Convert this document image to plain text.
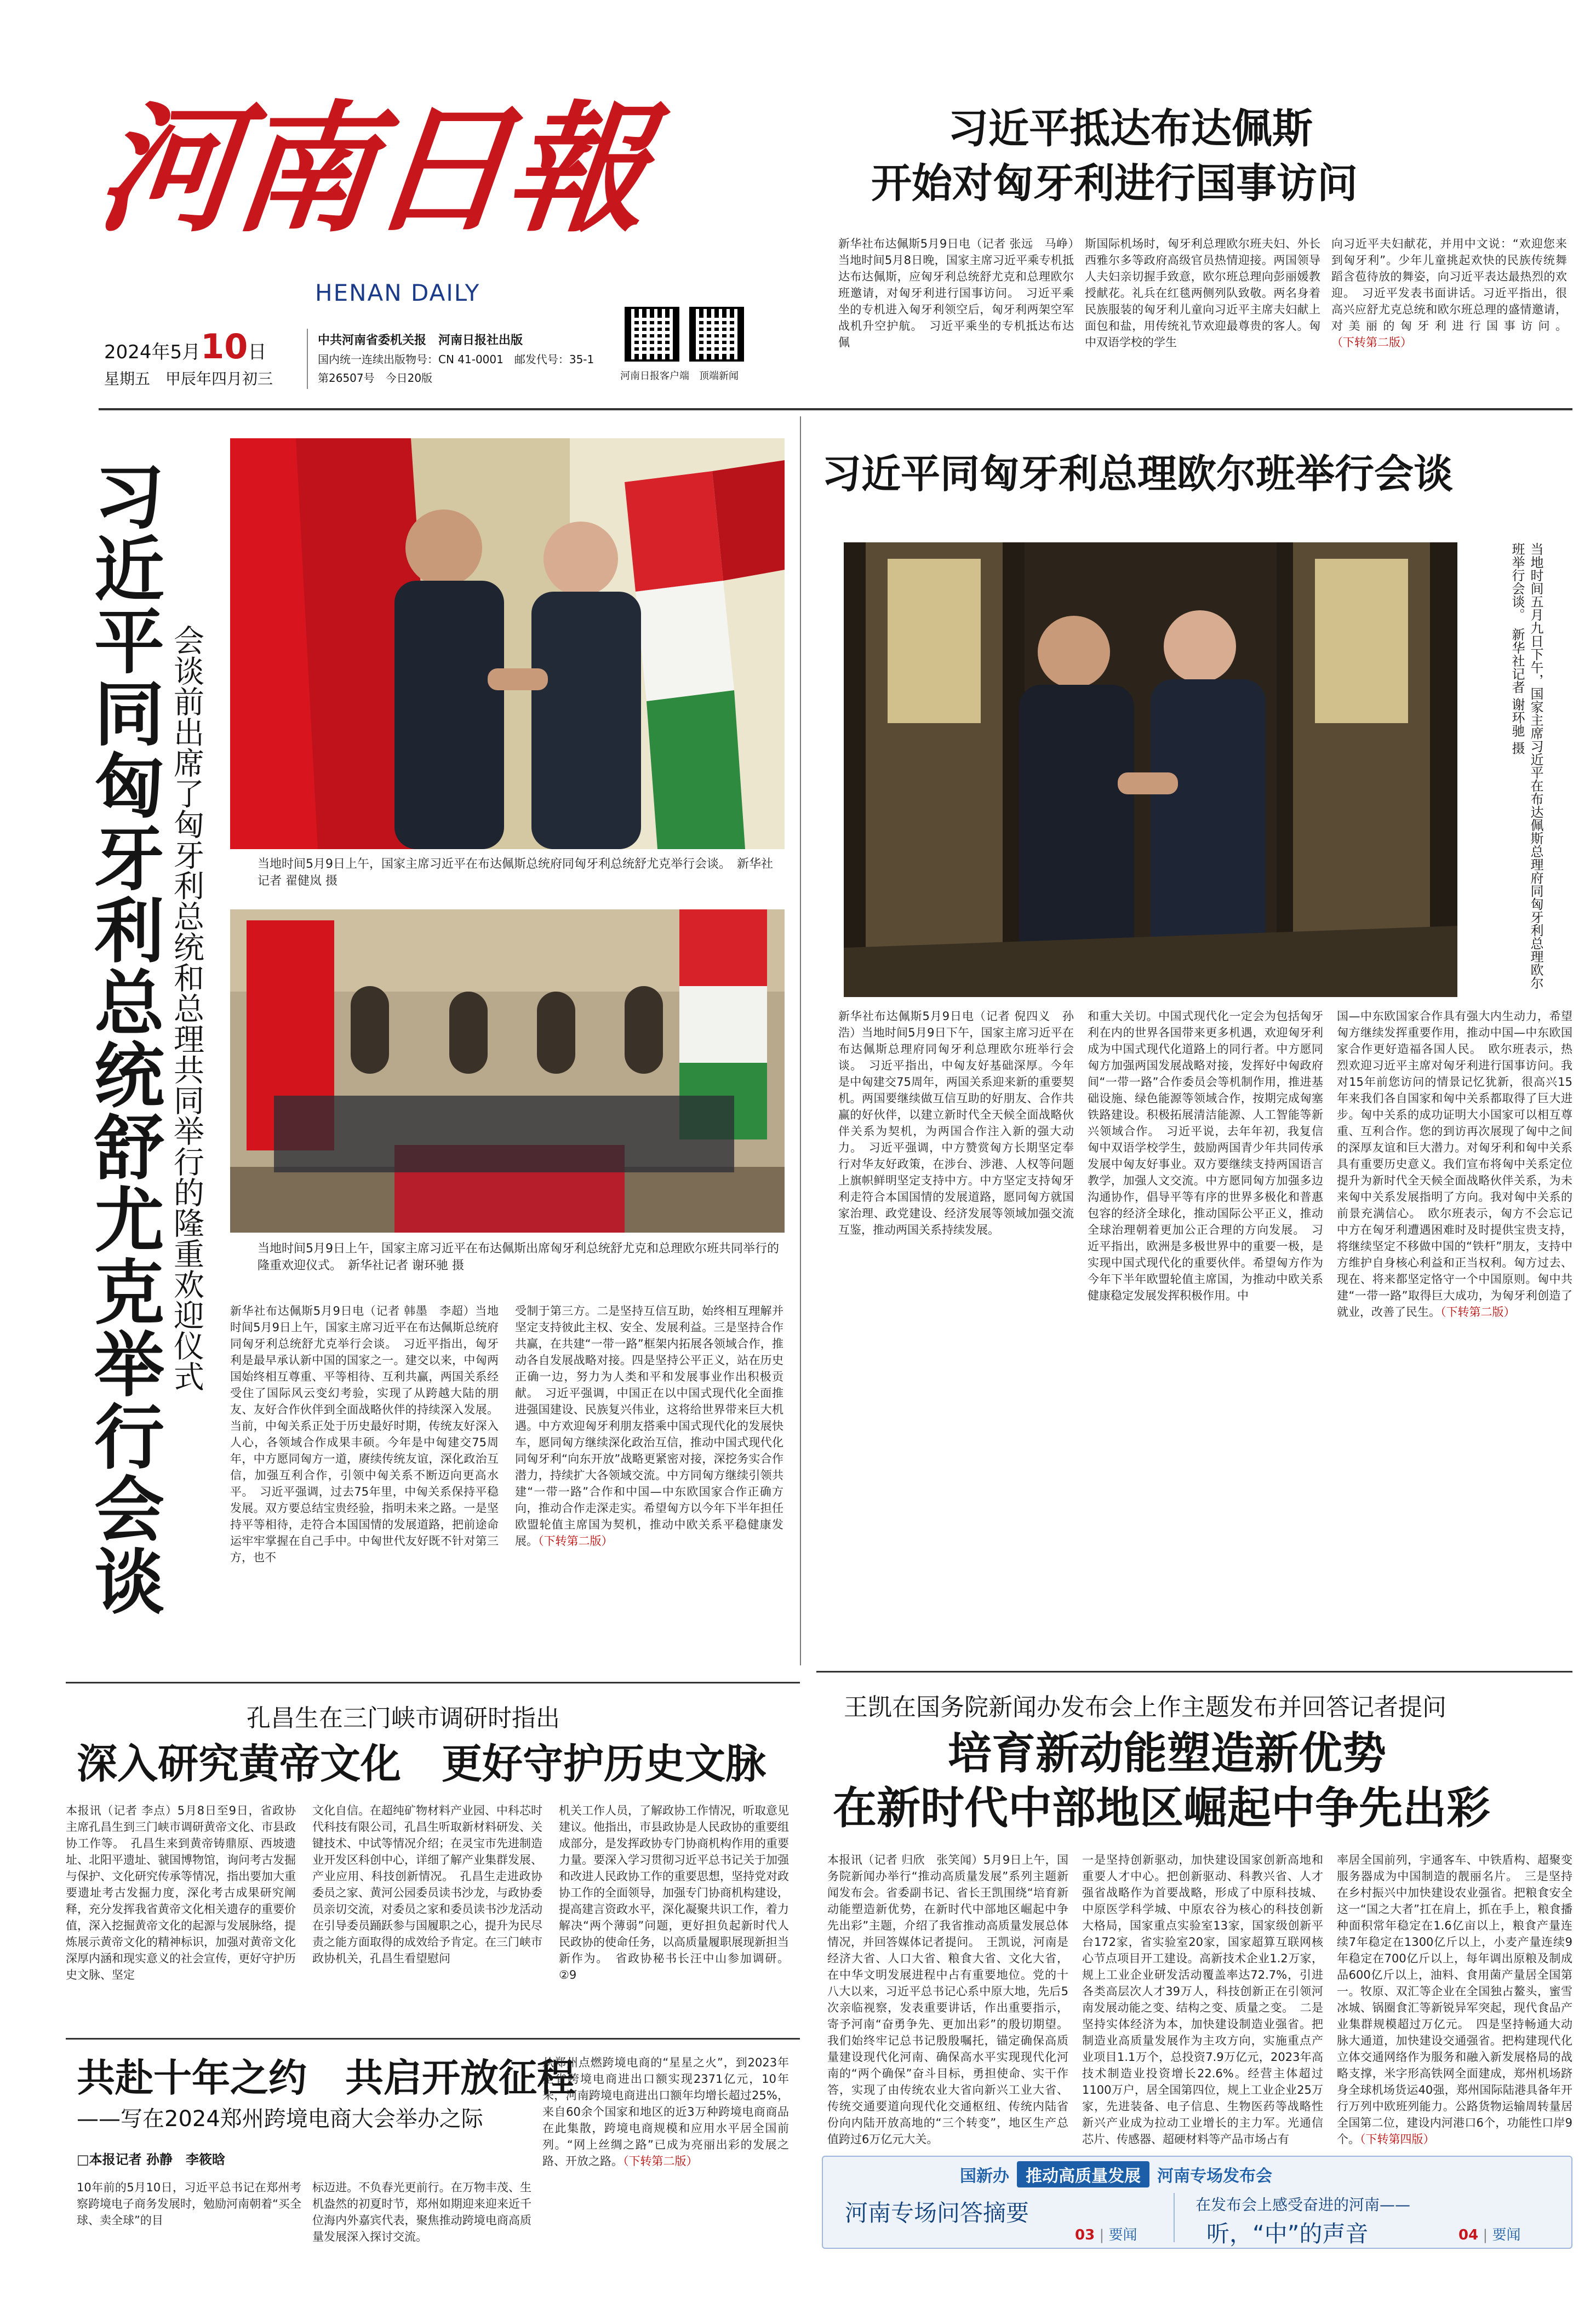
河南日報
HENAN DAILY
2024年5月10日
星期五　甲辰年四月初三
中共河南省委机关报　河南日报社出版
国内统一连续出版物号：CN 41-0001　邮发代号：35-1
第26507号　今日20版	河南日报客户端　顶端新闻
习近平抵达布达佩斯
开始对匈牙利进行国事访问
新华社布达佩斯5月9日电（记者 张远　马峥）当地时间5月8日晚，国家主席习近平乘专机抵达布达佩斯，应匈牙利总统舒尤克和总理欧尔班邀请，对匈牙利进行国事访问。　习近平乘坐的专机进入匈牙利领空后，匈牙利两架空军战机升空护航。　习近平乘坐的专机抵达布达佩
斯国际机场时，匈牙利总理欧尔班夫妇、外长西雅尔多等政府高级官员热情迎接。两国领导人夫妇亲切握手致意，欧尔班总理向彭丽媛教授献花。礼兵在红毯两侧列队致敬。两名身着民族服装的匈牙利儿童向习近平主席夫妇献上面包和盐，用传统礼节欢迎最尊贵的客人。匈中双语学校的学生
向习近平夫妇献花，并用中文说：“欢迎您来到匈牙利”。少年儿童挑起欢快的民族传统舞蹈含苞待放的舞姿，向习近平表达最热烈的欢迎。　习近平发表书面讲话。习近平指出，很高兴应舒尤克总统和欧尔班总理的盛情邀请，对美丽的匈牙利进行国事访问。（下转第二版）
习近平同匈牙利总统舒尤克举行会谈 会谈前出席了匈牙利总统和总理共同举行的隆重欢迎仪式	当地时间5月9日上午，国家主席习近平在布达佩斯总统府同匈牙利总统舒尤克举行会谈。　新华社记者 翟健岚 摄
当地时间5月9日上午，国家主席习近平在布达佩斯出席匈牙利总统舒尤克和总理欧尔班共同举行的隆重欢迎仪式。　新华社记者 谢环驰 摄
新华社布达佩斯5月9日电（记者 韩墨　李超）当地时间5月9日上午，国家主席习近平在布达佩斯总统府同匈牙利总统舒尤克举行会谈。　习近平指出，匈牙利是最早承认新中国的国家之一。建交以来，中匈两国始终相互尊重、平等相待、互利共赢，两国关系经受住了国际风云变幻考验，实现了从跨越大陆的朋友、友好合作伙伴到全面战略伙伴的持续深入发展。当前，中匈关系正处于历史最好时期，传统友好深入人心，各领域合作成果丰硕。今年是中匈建交75周年，中方愿同匈方一道，赓续传统友谊，深化政治互信，加强互利合作，引领中匈关系不断迈向更高水平。　习近平强调，过去75年里，中匈关系保持平稳发展。双方要总结宝贵经验，指明未来之路。一是坚持平等相待，走符合本国国情的发展道路，把前途命运牢牢掌握在自己手中。中匈世代友好既不针对第三方，也不
受制于第三方。二是坚持互信互助，始终相互理解并坚定支持彼此主权、安全、发展利益。三是坚持合作共赢，在共建“一带一路”框架内拓展各领域合作，推动各自发展战略对接。四是坚持公平正义，站在历史正确一边，努力为人类和平和发展事业作出积极贡献。　习近平强调，中国正在以中国式现代化全面推进强国建设、民族复兴伟业，这将给世界带来巨大机遇。中方欢迎匈牙利朋友搭乘中国式现代化的发展快车，愿同匈方继续深化政治互信，推动中国式现代化同匈牙利“向东开放”战略更紧密对接，深挖务实合作潜力，持续扩大各领域交流。中方同匈方继续引领共建“一带一路”合作和中国—中东欧国家合作正确方向，推动合作走深走实。希望匈方以今年下半年担任欧盟轮值主席国为契机，推动中欧关系平稳健康发展。（下转第二版）
习近平同匈牙利总理欧尔班举行会谈
当地时间五月九日下午，国家主席习近平在布达佩斯总理府同匈牙利总理欧尔班举行会谈。　新华社记者 谢环驰 摄
新华社布达佩斯5月9日电（记者 倪四义　孙浩）当地时间5月9日下午，国家主席习近平在布达佩斯总理府同匈牙利总理欧尔班举行会谈。　习近平指出，中匈友好基础深厚。今年是中匈建交75周年，两国关系迎来新的重要契机。两国要继续做互信互助的好朋友、合作共赢的好伙伴，以建立新时代全天候全面战略伙伴关系为契机，为两国合作注入新的强大动力。　习近平强调，中方赞赏匈方长期坚定奉行对华友好政策，在涉台、涉港、人权等问题上旗帜鲜明坚定支持中方。中方坚定支持匈牙利走符合本国国情的发展道路，愿同匈方就国家治理、政党建设、经济发展等领域加强交流互鉴，推动两国关系持续发展。
和重大关切。中国式现代化一定会为包括匈牙利在内的世界各国带来更多机遇，欢迎匈牙利成为中国式现代化道路上的同行者。中方愿同匈方加强两国发展战略对接，发挥好中匈政府间“一带一路”合作委员会等机制作用，推进基础设施、绿色能源等领域合作，按期完成匈塞铁路建设。积极拓展清洁能源、人工智能等新兴领域合作。　习近平说，去年年初，我复信匈中双语学校学生，鼓励两国青少年共同传承发展中匈友好事业。双方要继续支持两国语言教学，加强人文交流。中方愿同匈方加强多边沟通协作，倡导平等有序的世界多极化和普惠包容的经济全球化，推动国际公平正义，推动全球治理朝着更加公正合理的方向发展。　习近平指出，欧洲是多极世界中的重要一极，是实现中国式现代化的重要伙伴。希望匈方作为今年下半年欧盟轮值主席国，为推动中欧关系健康稳定发展发挥积极作用。中
国—中东欧国家合作具有强大内生动力，希望匈方继续发挥重要作用，推动中国—中东欧国家合作更好造福各国人民。　欧尔班表示，热烈欢迎习近平主席对匈牙利进行国事访问。我对15年前您访问的情景记忆犹新，很高兴15年来我们各自国家和匈中关系都取得了巨大进步。匈中关系的成功证明大小国家可以相互尊重、互利合作。您的到访再次展现了匈中之间的深厚友谊和巨大潜力。对匈牙利和匈中关系具有重要历史意义。我们宣布将匈中关系定位提升为新时代全天候全面战略伙伴关系，为未来匈中关系发展指明了方向。我对匈中关系的前景充满信心。　欧尔班表示，匈方不会忘记中方在匈牙利遭遇困难时及时提供宝贵支持，将继续坚定不移做中国的“铁杆”朋友，支持中方维护自身核心利益和正当权利。匈方过去、现在、将来都坚定恪守一个中国原则。匈中共建“一带一路”取得巨大成功，为匈牙利创造了就业，改善了民生。（下转第二版）
王凯在国务院新闻办发布会上作主题发布并回答记者提问
培育新动能塑造新优势
在新时代中部地区崛起中争先出彩
本报讯（记者 归欣　张笑闻）5月9日上午，国务院新闻办举行“推动高质量发展”系列主题新闻发布会。省委副书记、省长王凯围绕“培育新动能塑造新优势，在新时代中部地区崛起中争先出彩”主题，介绍了我省推动高质量发展总体情况，并回答媒体记者提问。　王凯说，河南是经济大省、人口大省、粮食大省、文化大省，在中华文明发展进程中占有重要地位。党的十八大以来，习近平总书记心系中原大地，先后5次亲临视察，发表重要讲话，作出重要指示，寄予河南“奋勇争先、更加出彩”的殷切期望。我们始终牢记总书记殷殷嘱托，锚定确保高质量建设现代化河南、确保高水平实现现代化河南的“两个确保”奋斗目标，勇担使命、实干作答，实现了由传统农业大省向新兴工业大省、传统交通要道向现代化交通枢纽、传统内陆省份向内陆开放高地的“三个转变”，地区生产总值跨过6万亿元大关。
一是坚持创新驱动，加快建设国家创新高地和重要人才中心。把创新驱动、科教兴省、人才强省战略作为首要战略，形成了中原科技城、中原医学科学城、中原农谷为核心的科技创新大格局，国家重点实验室13家，国家级创新平台172家，省实验室20家，国家超算互联网核心节点项目开工建设。高新技术企业1.2万家，规上工业企业研发活动覆盖率达72.7%，引进各类高层次人才39万人，科技创新正在引领河南发展动能之变、结构之变、质量之变。　二是坚持实体经济为本，加快建设制造业强省。把制造业高质量发展作为主攻方向，实施重点产业项目1.1万个，总投资7.9万亿元，2023年高技术制造业投资增长22.6%。经营主体超过1100万户，居全国第四位，规上工业企业25万家，先进装备、电子信息、生物医药等战略性新兴产业成为拉动工业增长的主力军。光通信芯片、传感器、超硬材料等产品市场占有
率居全国前列，宇通客车、中铁盾构、超聚变服务器成为中国制造的靓丽名片。　三是坚持在乡村振兴中加快建设农业强省。把粮食安全这一“国之大者”扛在肩上，抓在手上，粮食播种面积常年稳定在1.6亿亩以上，粮食产量连续7年稳定在1300亿斤以上，小麦产量连续9年稳定在700亿斤以上，每年调出原粮及制成品600亿斤以上，油料、食用菌产量居全国第一。牧原、双汇等企业在全国独占鳌头，蜜雪冰城、锅圈食汇等新锐异军突起，现代食品产业集群规模超过万亿元。　四是坚持畅通大动脉大通道，加快建设交通强省。把构建现代化立体交通网络作为服务和融入新发展格局的战略支撑，米字形高铁网全面建成，郑州机场跻身全球机场货运40强，郑州国际陆港具备年开行万列中欧班列能力。公路货物运输周转量居全国第二位，建设内河港口6个，功能性口岸9个。（下转第四版）
孔昌生在三门峡市调研时指出
深入研究黄帝文化　更好守护历史文脉
本报讯（记者 李点）5月8日至9日，省政协主席孔昌生到三门峡市调研黄帝文化、市县政协工作等。　孔昌生来到黄帝铸鼎原、西坡遗址、北阳平遗址、虢国博物馆，询问考古发掘与保护、文化研究传承等情况，指出要加大重要遗址考古发掘力度，深化考古成果研究阐释，充分发挥我省黄帝文化相关遗存的重要价值，深入挖掘黄帝文化的起源与发展脉络，提炼展示黄帝文化的精神标识，加强对黄帝文化深厚内涵和现实意义的社会宣传，更好守护历史文脉、坚定
文化自信。在超纯矿物材料产业园、中科芯时代科技有限公司，孔昌生听取新材料研发、关键技术、中试等情况介绍；在灵宝市先进制造业开发区科创中心，详细了解产业集群发展、产业应用、科技创新情况。　孔昌生走进政协委员之家、黄河公园委员读书沙龙，与政协委员亲切交流，对委员之家和委员读书沙龙活动在引导委员踊跃参与国履职之心，提升为民尽责之能方面取得的成效给予肯定。在三门峡市政协机关，孔昌生看望慰问
机关工作人员，了解政协工作情况，听取意见建议。他指出，市县政协是人民政协的重要组成部分，是发挥政协专门协商机构作用的重要力量。要深入学习贯彻习近平总书记关于加强和改进人民政协工作的重要思想，坚持党对政协工作的全面领导，加强专门协商机构建设，提高建言资政水平，深化凝聚共识工作，着力解决“两个薄弱”问题，更好担负起新时代人民政协的使命任务，以高质量履职展现新担当新作为。　省政协秘书长汪中山参加调研。②9
共赴十年之约　共启开放征程
——写在2024郑州跨境电商大会举办之际
□本报记者 孙静　李筱晗
10年前的5月10日，习近平总书记在郑州考察跨境电子商务发展时，勉励河南朝着“买全球、卖全球”的目
标迈进。不负春光更前行。在万物丰茂、生机盎然的初夏时节，郑州如期迎来迎来近千位海内外嘉宾代表，聚焦推动跨境电商高质量发展深入探讨交流。
从郑州点燃跨境电商的“星星之火”，到2023年全省跨境电商进出口额实现2371亿元，10年来，河南跨境电商进出口额年均增长超过25%，来自60余个国家和地区的近3万种跨境电商商品在此集散，跨境电商规模和应用水平居全国前列。“网上丝绸之路”已成为亮丽出彩的发展之路、开放之路。（下转第二版）
国新办	推动高质量发展	河南专场发布会
河南专场问答摘要
03 | 要闻
在发布会上感受奋进的河南——
听，“中”的声音	04 | 要闻
